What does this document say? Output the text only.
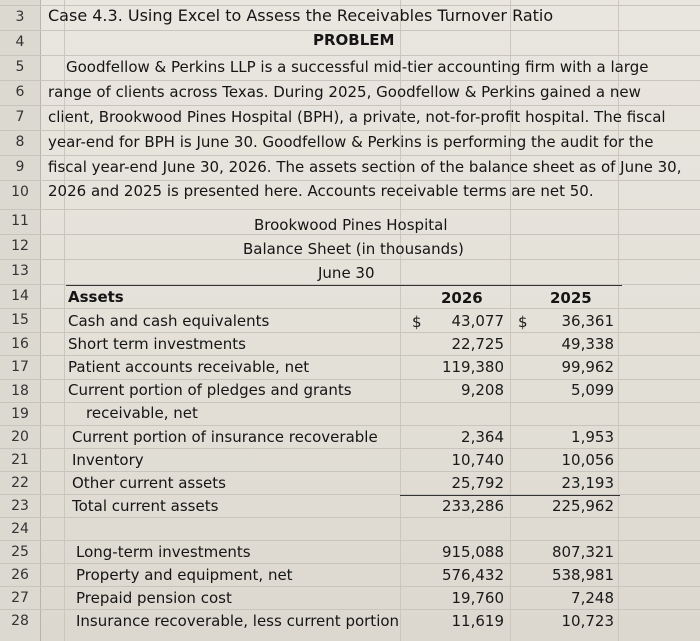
3
4
5
6
7
8
9
10
11
12
13
14
15
16
17
18
19
20
21
22
23
24
25
26
27
28
Case 4.3. Using Excel to Assess the Receivables Turnover Ratio
PROBLEM
Goodfellow & Perkins LLP is a successful mid-tier accounting firm with a large
range of clients across Texas. During 2025, Goodfellow & Perkins gained a new
client, Brookwood Pines Hospital (BPH), a private, not-for-profit hospital. The fiscal
year-end for BPH is June 30. Goodfellow & Perkins is performing the audit for the
fiscal year-end June 30, 2026. The assets section of the balance sheet as of June 30,
2026 and 2025 is presented here. Accounts receivable terms are net 50.
Brookwood Pines Hospital
Balance Sheet (in thousands)
June 30
Assets	2026	2025
$	$
Cash and cash equivalents	43,077	36,361
Short term investments	22,725	49,338
Patient accounts receivable, net	119,380	99,962
Current portion of pledges and grants	9,208	5,099
receivable, net
Current portion of insurance recoverable	2,364	1,953
Inventory	10,740	10,056
Other current assets	25,792	23,193
Total current assets	233,286	225,962
Long-term investments	915,088	807,321
Property and equipment, net	576,432	538,981
Prepaid pension cost	19,760	7,248
Insurance recoverable, less current portion	11,619	10,723
